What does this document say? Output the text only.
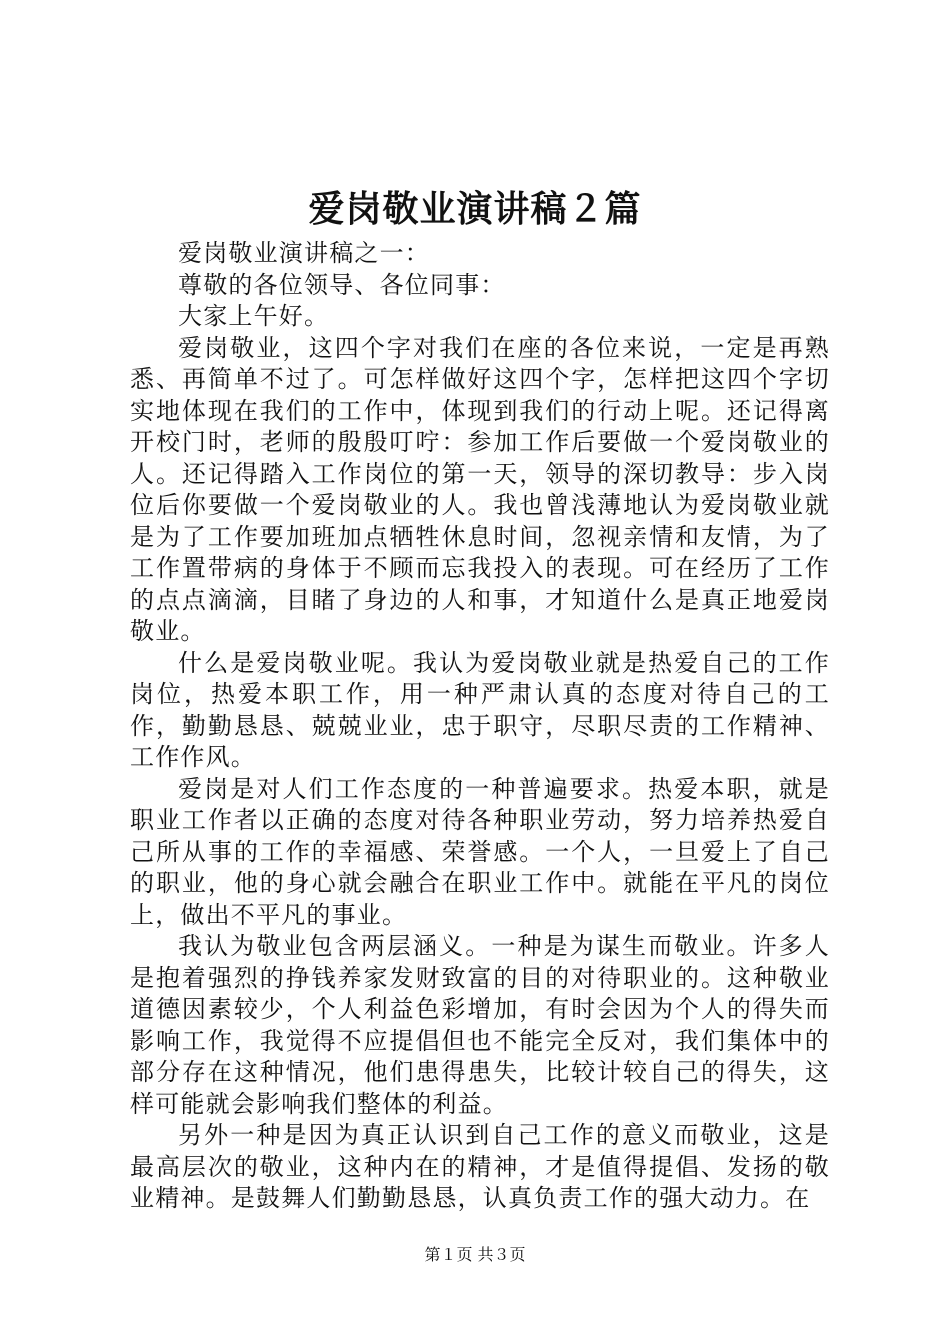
爱岗敬业演讲稿２篇

爱岗敬业演讲稿之一：

尊敬的各位领导、各位同事：

大家上午好。

爱岗敬业，这四个字对我们在座的各位来说，一定是再熟悉、再简单不过了。可怎样做好这四个字，怎样把这四个字切实地体现在我们的工作中，体现到我们的行动上呢。还记得离开校门时，老师的殷殷叮咛：参加工作后要做一个爱岗敬业的人。还记得踏入工作岗位的第一天，领导的深切教导：步入岗位后你要做一个爱岗敬业的人。我也曾浅薄地认为爱岗敬业就是为了工作要加班加点牺牲休息时间，忽视亲情和友情，为了工作置带病的身体于不顾而忘我投入的表现。可在经历了工作的点点滴滴，目睹了身边的人和事，才知道什么是真正地爱岗敬业。

什么是爱岗敬业呢。我认为爱岗敬业就是热爱自己的工作岗位，热爱本职工作，用一种严肃认真的态度对待自己的工作，勤勤恳恳、兢兢业业，忠于职守，尽职尽责的工作精神、工作作风。

爱岗是对人们工作态度的一种普遍要求。热爱本职，就是职业工作者以正确的态度对待各种职业劳动，努力培养热爱自己所从事的工作的幸福感、荣誉感。一个人，一旦爱上了自己的职业，他的身心就会融合在职业工作中。就能在平凡的岗位上，做出不平凡的事业。

我认为敬业包含两层涵义。一种是为谋生而敬业。许多人是抱着强烈的挣钱养家发财致富的目的对待职业的。这种敬业道德因素较少，个人利益色彩增加，有时会因为个人的得失而影响工作，我觉得不应提倡但也不能完全反对，我们集体中的部分存在这种情况，他们患得患失，比较计较自己的得失，这样可能就会影响我们整体的利益。

另外一种是因为真正认识到自己工作的意义而敬业，这是最高层次的敬业，这种内在的精神，才是值得提倡、发扬的敬业精神。是鼓舞人们勤勤恳恳，认真负责工作的强大动力。在

第１页 共３页
